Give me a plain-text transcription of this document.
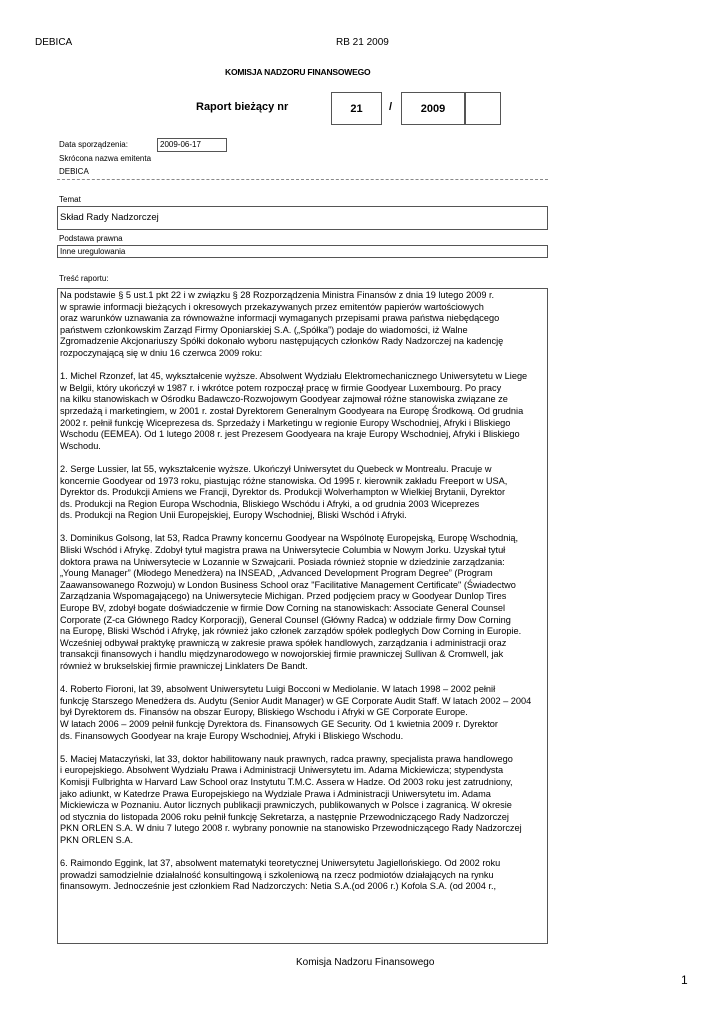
DEBICA	RB 21 2009
KOMISJA NADZORU FINANSOWEGO
Raport bieżący nr	21	/	2009
Data sporządzenia:	2009-06-17
Skrócona nazwa emitenta
DEBICA
Temat
Skład Rady Nadzorczej
Podstawa prawna
Inne uregulowania
Treść raportu:

Na podstawie § 5 ust.1 pkt 22 i w związku § 28 Rozporządzenia Ministra Finansów z dnia 19 lutego 2009 r.
w sprawie informacji bieżących i okresowych przekazywanych przez emitentów papierów wartościowych
oraz warunków uznawania za równoważne informacji wymaganych przepisami prawa państwa niebędącego
państwem członkowskim Zarząd Firmy Oponiarskiej S.A. („Spółka”) podaje do wiadomości, iż Walne
Zgromadzenie Akcjonariuszy Spółki dokonało wyboru następujących członków Rady Nadzorczej na kadencję
rozpoczynającą się w dniu 16 czerwca 2009 roku:

1. Michel Rzonzef, lat 45, wykształcenie wyższe. Absolwent Wydziału Elektromechanicznego Uniwersytetu w Liege
w Belgii, który ukończył w 1987 r. i wkrótce potem rozpoczął pracę w firmie Goodyear Luxembourg. Po pracy
na kilku stanowiskach w Ośrodku Badawczo-Rozwojowym Goodyear zajmował różne stanowiska związane ze
sprzedażą i marketingiem, w 2001 r. został Dyrektorem Generalnym Goodyeara na Europę Środkową. Od grudnia
2002 r. pełnił funkcję Wiceprezesa ds. Sprzedaży i Marketingu w regionie Europy Wschodniej, Afryki i Bliskiego
Wschodu (EEMEA). Od 1 lutego 2008 r. jest Prezesem Goodyeara na kraje Europy Wschodniej, Afryki i Bliskiego
Wschodu.

2. Serge Lussier, lat 55, wykształcenie wyższe. Ukończył Uniwersytet du Quebeck w Montrealu. Pracuje w
koncernie Goodyear od 1973 roku, piastując różne stanowiska. Od 1995 r. kierownik zakładu Freeport w USA,
Dyrektor ds. Produkcji Amiens we Francji, Dyrektor ds. Produkcji Wolverhampton w Wielkiej Brytanii, Dyrektor
ds. Produkcji na Region Europa Wschodnia, Bliskiego Wschódu i Afryki, a od grudnia 2003 Wiceprezes
ds. Produkcji na Region Unii Europejskiej, Europy Wschodniej, Bliski Wschód i Afryki.

3. Dominikus Golsong, lat 53, Radca Prawny koncernu Goodyear na Wspólnotę Europejską, Europę Wschodnią,
Bliski Wschód i Afrykę. Zdobył tytuł magistra prawa na Uniwersytecie Columbia w Nowym Jorku. Uzyskał tytuł
doktora prawa na Uniwersytecie w Lozannie w Szwajcarii. Posiada również stopnie w dziedzinie zarządzania:
„Young Manager” (Młodego Menedżera) na INSEAD, „Advanced Development Program Degree” (Program
Zaawansowanego Rozwoju) w London Business School oraz "Facilitative Management Certificate" (Świadectwo
Zarządzania Wspomagającego) na Uniwersytecie Michigan. Przed podjęciem pracy w Goodyear Dunlop Tires
Europe BV, zdobył bogate doświadczenie w firmie Dow Corning na stanowiskach: Associate General Counsel
Corporate (Z-ca Głównego Radcy Korporacji), General Counsel (Główny Radca) w oddziale firmy Dow Corning
na Europę, Bliski Wschód i Afrykę, jak również jako członek zarządów spółek podległych Dow Corning in Europie.
Wcześniej odbywał praktykę prawniczą w zakresie prawa spółek handlowych, zarządzania i administracji oraz
transakcji finansowych i handlu międzynarodowego w nowojorskiej firmie prawniczej Sullivan & Cromwell, jak
również w brukselskiej firmie prawniczej Linklaters De Bandt.

4. Roberto Fioroni, lat 39, absolwent Uniwersytetu Luigi Bocconi w Mediolanie. W latach 1998 – 2002 pełnił
funkcję Starszego Menedżera ds. Audytu (Senior Audit Manager) w GE Corporate Audit Staff. W latach 2002 – 2004
był Dyrektorem ds. Finansów na obszar Europy, Bliskiego Wschodu i Afryki w GE Corporate Europe.
W latach 2006 – 2009 pełnił funkcję Dyrektora ds. Finansowych GE Security. Od 1 kwietnia 2009 r. Dyrektor
ds. Finansowych Goodyear na kraje Europy Wschodniej, Afryki i Bliskiego Wschodu.

5. Maciej Mataczyński, lat 33, doktor habilitowany nauk prawnych, radca prawny, specjalista prawa handlowego
i europejskiego. Absolwent Wydziału Prawa i Administracji Uniwersytetu im. Adama Mickiewicza; stypendysta
Komisji Fulbrighta w Harvard Law School oraz Instytutu T.M.C. Assera w Hadze. Od 2003 roku jest zatrudniony,
jako adiunkt, w Katedrze Prawa Europejskiego na Wydziale Prawa i Administracji Uniwersytetu im. Adama
Mickiewicza w Poznaniu. Autor licznych publikacji prawniczych, publikowanych w Polsce i zagranicą. W okresie
od stycznia do listopada 2006 roku pełnił funkcję Sekretarza, a następnie Przewodniczącego Rady Nadzorczej
PKN ORLEN S.A. W dniu 7 lutego 2008 r. wybrany ponownie na stanowisko Przewodniczącego Rady Nadzorczej
PKN ORLEN S.A.

6. Raimondo Eggink, lat 37, absolwent matematyki teoretycznej Uniwersytetu Jagiellońskiego. Od 2002 roku
prowadzi samodzielnie działalność konsultingową i szkoleniową na rzecz podmiotów działających na rynku
finansowym. Jednocześnie jest członkiem Rad Nadzorczych: Netia S.A.(od 2006 r.) Kofola S.A. (od 2004 r.,

Komisja Nadzoru Finansowego
1
